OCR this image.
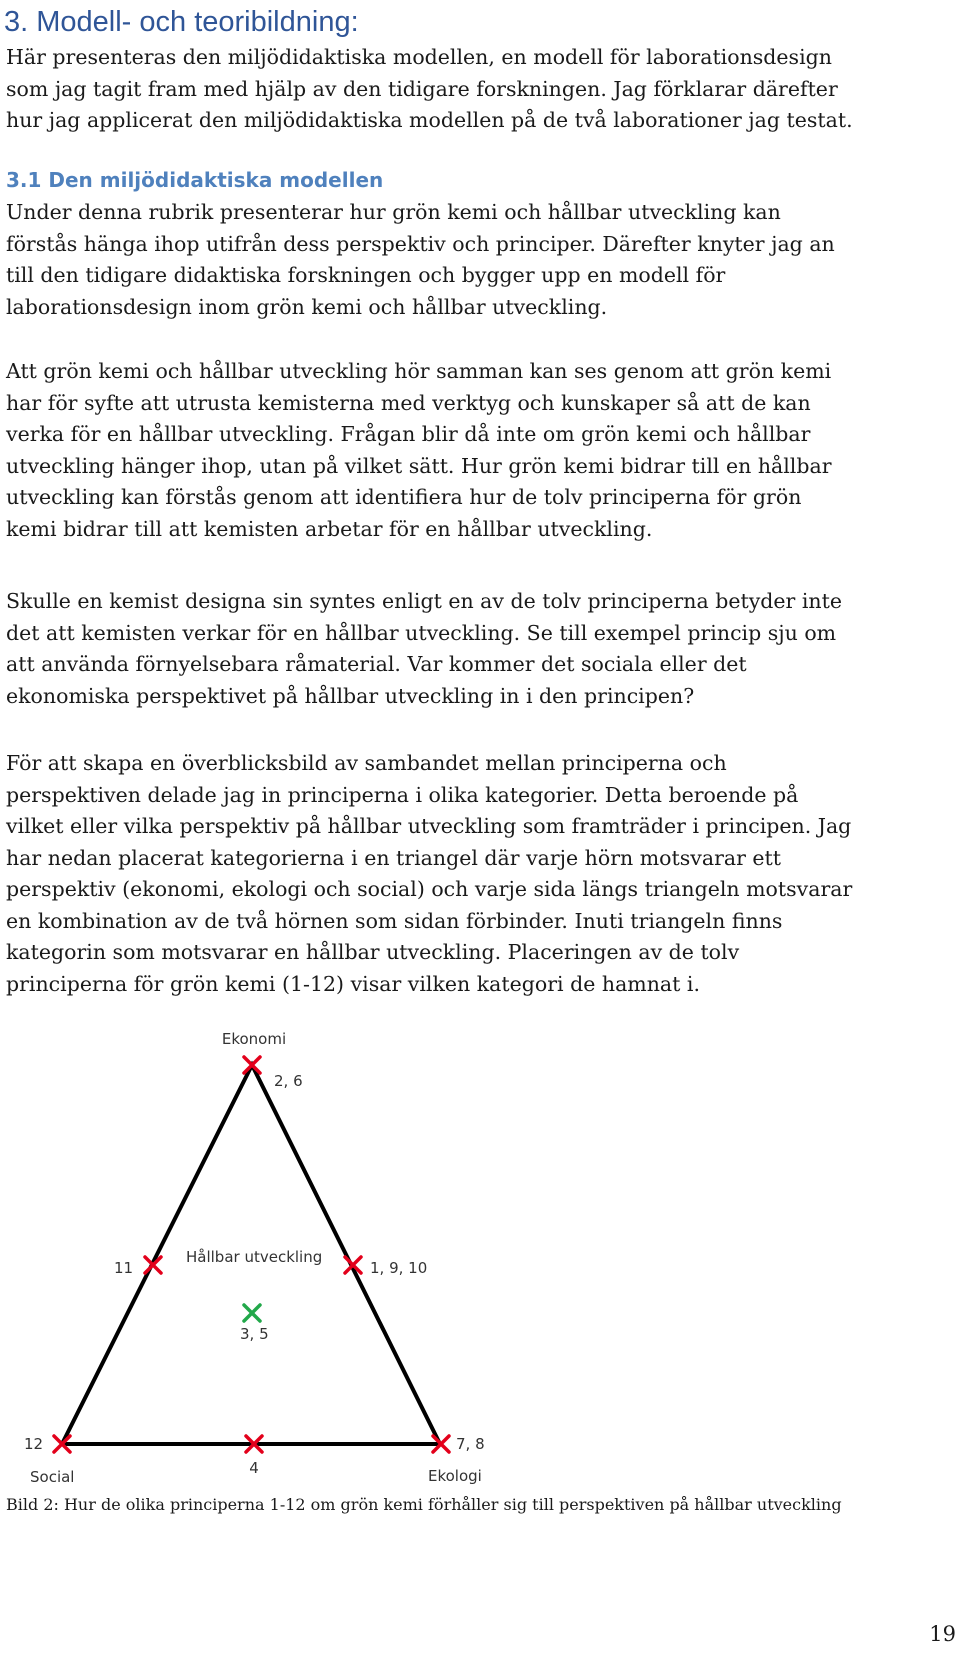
3. Modell- och teoribildning:

Här presenteras den miljödidaktiska modellen, en modell för laborationsdesign
som jag tagit fram med hjälp av den tidigare forskningen. Jag förklarar därefter
hur jag applicerat den miljödidaktiska modellen på de två laborationer jag testat.

3.1 Den miljödidaktiska modellen

Under denna rubrik presenterar hur grön kemi och hållbar utveckling kan
förstås hänga ihop utifrån dess perspektiv och principer. Därefter knyter jag an
till den tidigare didaktiska forskningen och bygger upp en modell för
laborationsdesign inom grön kemi och hållbar utveckling.

Att grön kemi och hållbar utveckling hör samman kan ses genom att grön kemi
har för syfte att utrusta kemisterna med verktyg och kunskaper så att de kan
verka för en hållbar utveckling. Frågan blir då inte om grön kemi och hållbar
utveckling hänger ihop, utan på vilket sätt. Hur grön kemi bidrar till en hållbar
utveckling kan förstås genom att identifiera hur de tolv principerna för grön
kemi bidrar till att kemisten arbetar för en hållbar utveckling.

Skulle en kemist designa sin syntes enligt en av de tolv principerna betyder inte
det att kemisten verkar för en hållbar utveckling. Se till exempel princip sju om
att använda förnyelsebara råmaterial. Var kommer det sociala eller det
ekonomiska perspektivet på hållbar utveckling in i den principen?

För att skapa en överblicksbild av sambandet mellan principerna och
perspektiven delade jag in principerna i olika kategorier. Detta beroende på
vilket eller vilka perspektiv på hållbar utveckling som framträder i principen. Jag
har nedan placerat kategorierna i en triangel där varje hörn motsvarar ett
perspektiv (ekonomi, ekologi och social) och varje sida längs triangeln motsvarar
en kombination av de två hörnen som sidan förbinder. Inuti triangeln finns
kategorin som motsvarar en hållbar utveckling. Placeringen av de tolv
principerna för grön kemi (1-12) visar vilken kategori de hamnat i.

Ekonomi
2, 6
11
Hållbar utveckling
1, 9, 10
3, 5
12	7, 8
4
Social	Ekologi

Bild 2: Hur de olika principerna 1-12 om grön kemi förhåller sig till perspektiven på hållbar utveckling

19
